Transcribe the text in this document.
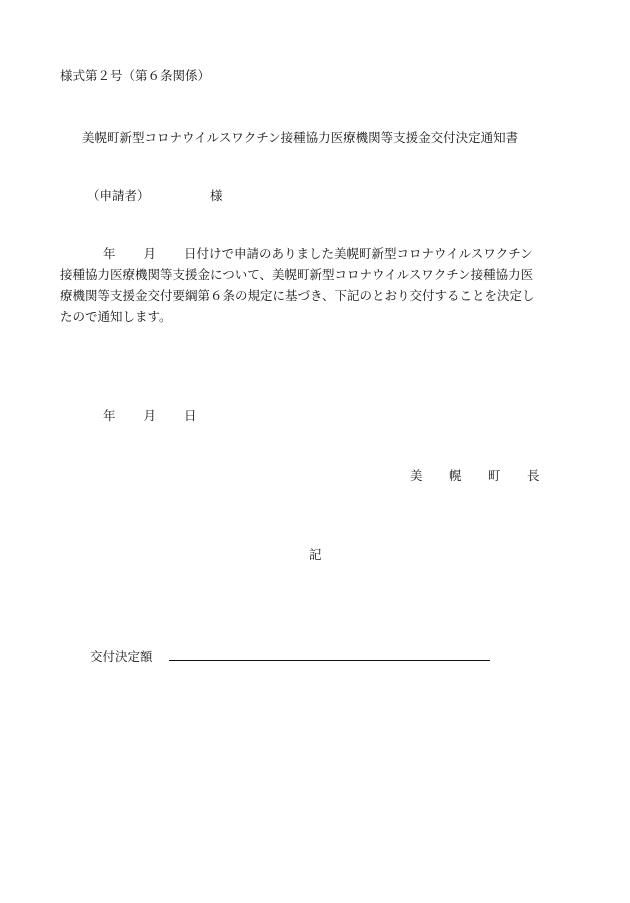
様式第２号（第６条関係）
美幌町新型コロナウイルスワクチン接種協力医療機関等支援金交付決定通知書
（申請者）	様
年 月 日付けで申請のありました美幌町新型コロナウイルスワクチン
接種協力医療機関等支援金について、美幌町新型コロナウイルスワクチン接種協力医
療機関等支援金交付要綱第６条の規定に基づき、下記のとおり交付することを決定し
たので通知します。
年 月 日
美 幌 町 長
記
交付決定額
